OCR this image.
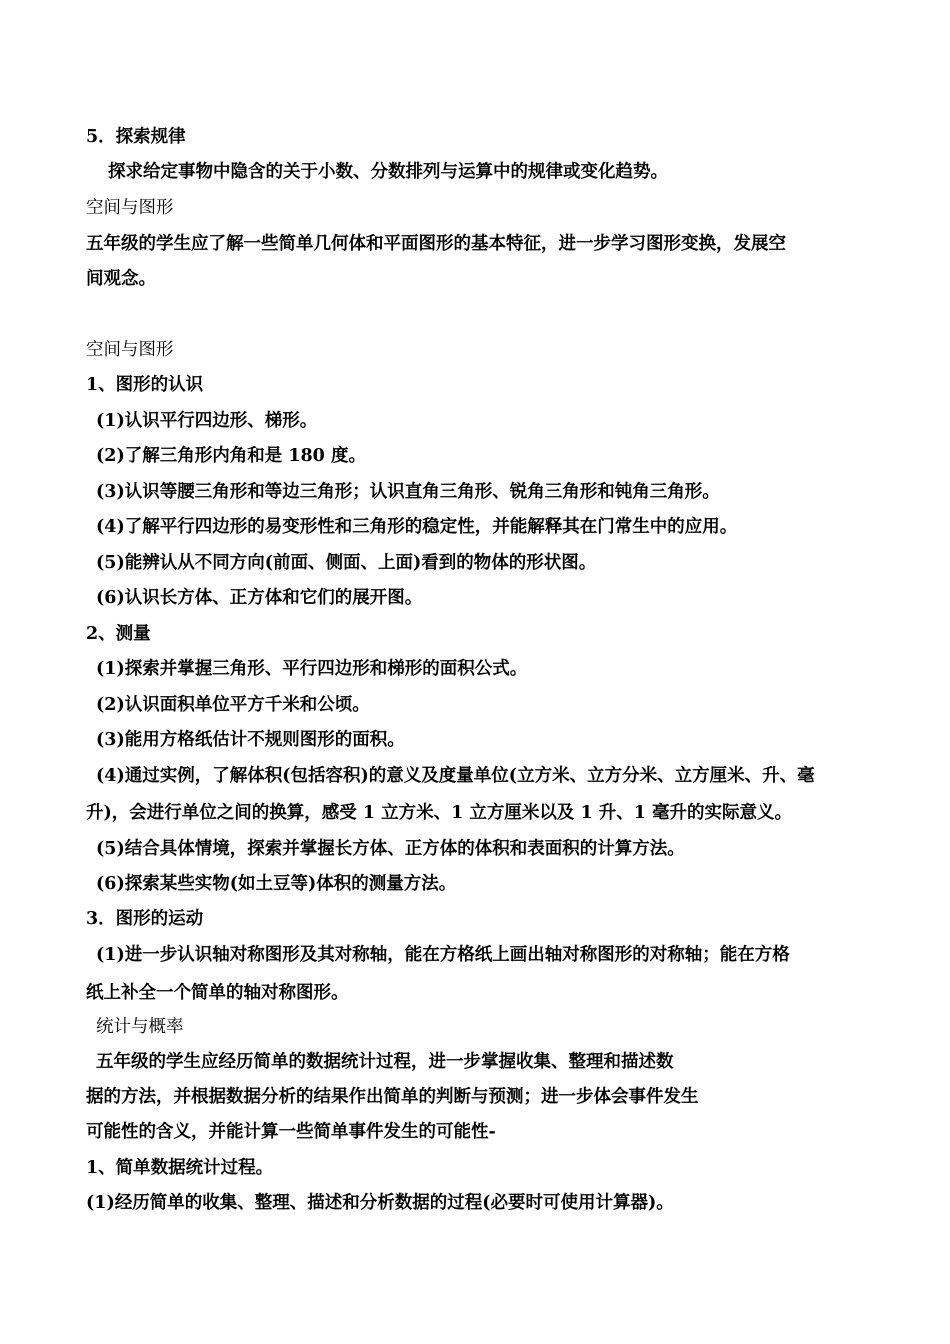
5．探索规律
探求给定事物中隐含的关于小数、分数排列与运算中的规律或变化趋势。
空间与图形
五年级的学生应了解一些简单几何体和平面图形的基本特征，进一步学习图形变换，发展空
间观念。
空间与图形
1、图形的认识
(1)认识平行四边形、梯形。
(2)了解三角形内角和是 180 度。
(3)认识等腰三角形和等边三角形；认识直角三角形、锐角三角形和钝角三角形。
(4)了解平行四边形的易变形性和三角形的稳定性，并能解释其在门常生中的应用。
(5)能辨认从不同方向(前面、侧面、上面)看到的物体的形状图。
(6)认识长方体、正方体和它们的展开图。
2、测量
(1)探索并掌握三角形、平行四边形和梯形的面积公式。
(2)认识面积单位平方千米和公顷。
(3)能用方格纸估计不规则图形的面积。
(4)通过实例，了解体积(包括容积)的意义及度量单位(立方米、立方分米、立方厘米、升、毫
升)，会进行单位之间的换算，感受 1 立方米、1 立方厘米以及 1 升、1 毫升的实际意义。
(5)结合具体情境，探索并掌握长方体、正方体的体积和表面积的计算方法。
(6)探索某些实物(如土豆等)体积的测量方法。
3．图形的运动
(1)进一步认识轴对称图形及其对称轴，能在方格纸上画出轴对称图形的对称轴；能在方格
纸上补全一个简单的轴对称图形。
统计与概率
五年级的学生应经历简单的数据统计过程，进一步掌握收集、整理和描述数
据的方法，并根据数据分析的结果作出简单的判断与预测；进一步体会事件发生
可能性的含义，并能计算一些简单事件发生的可能性-
1、简单数据统计过程。
(1)经历简单的收集、整理、描述和分析数据的过程(必要时可使用计算器)。
